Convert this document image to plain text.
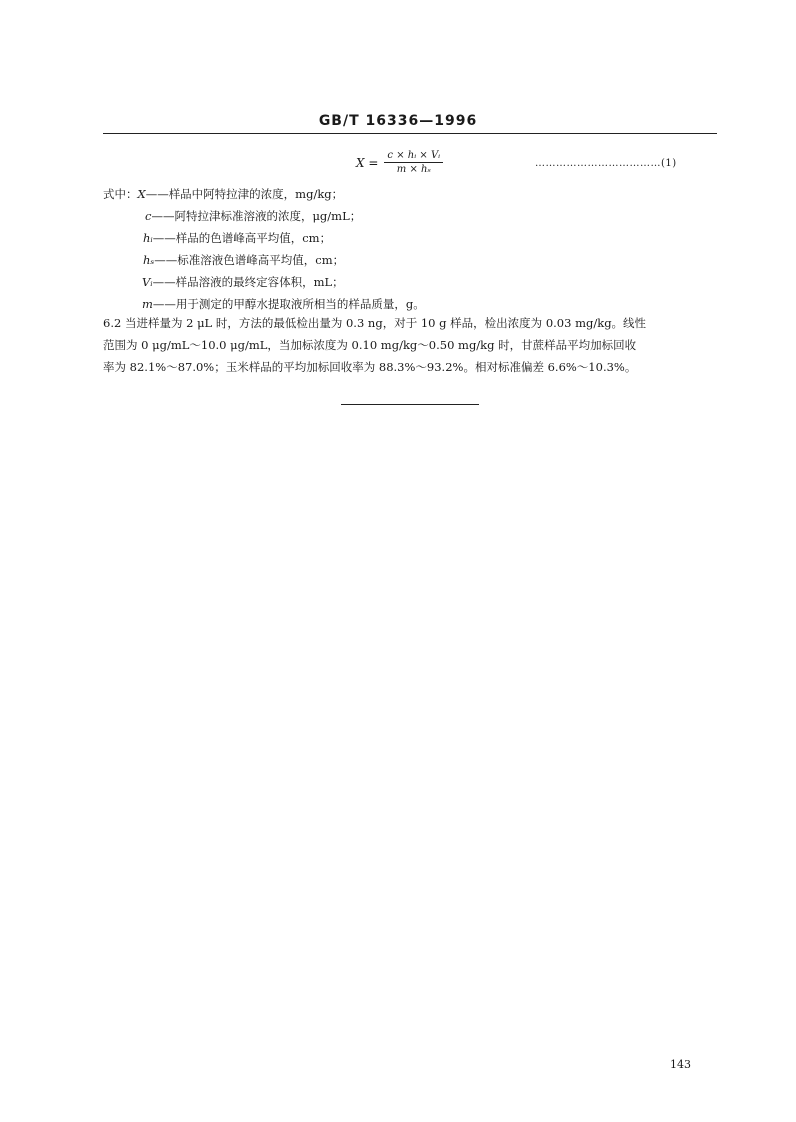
GB/T 16336—1996
$X = \frac{\text{c × hᵢ × Vᵢ}}{\text{m × hₛ}}$	………………………………(1)
式中：X——样品中阿特拉津的浓度，mg/kg；
c——阿特拉津标准溶液的浓度，μg/mL；
hᵢ——样品的色谱峰高平均值，cm；
hₛ——标准溶液色谱峰高平均值，cm；
Vᵢ——样品溶液的最终定容体积，mL；
m——用于测定的甲醇水提取液所相当的样品质量，g。

6.2 当进样量为 2 μL 时，方法的最低检出量为 0.3 ng，对于 10 g 样品，检出浓度为 0.03 mg/kg。线性

范围为 0 μg/mL～10.0 μg/mL，当加标浓度为 0.10 mg/kg～0.50 mg/kg 时，甘蔗样品平均加标回收

率为 82.1%～87.0%；玉米样品的平均加标回收率为 88.3%～93.2%。相对标准偏差 6.6%～10.3%。

143
